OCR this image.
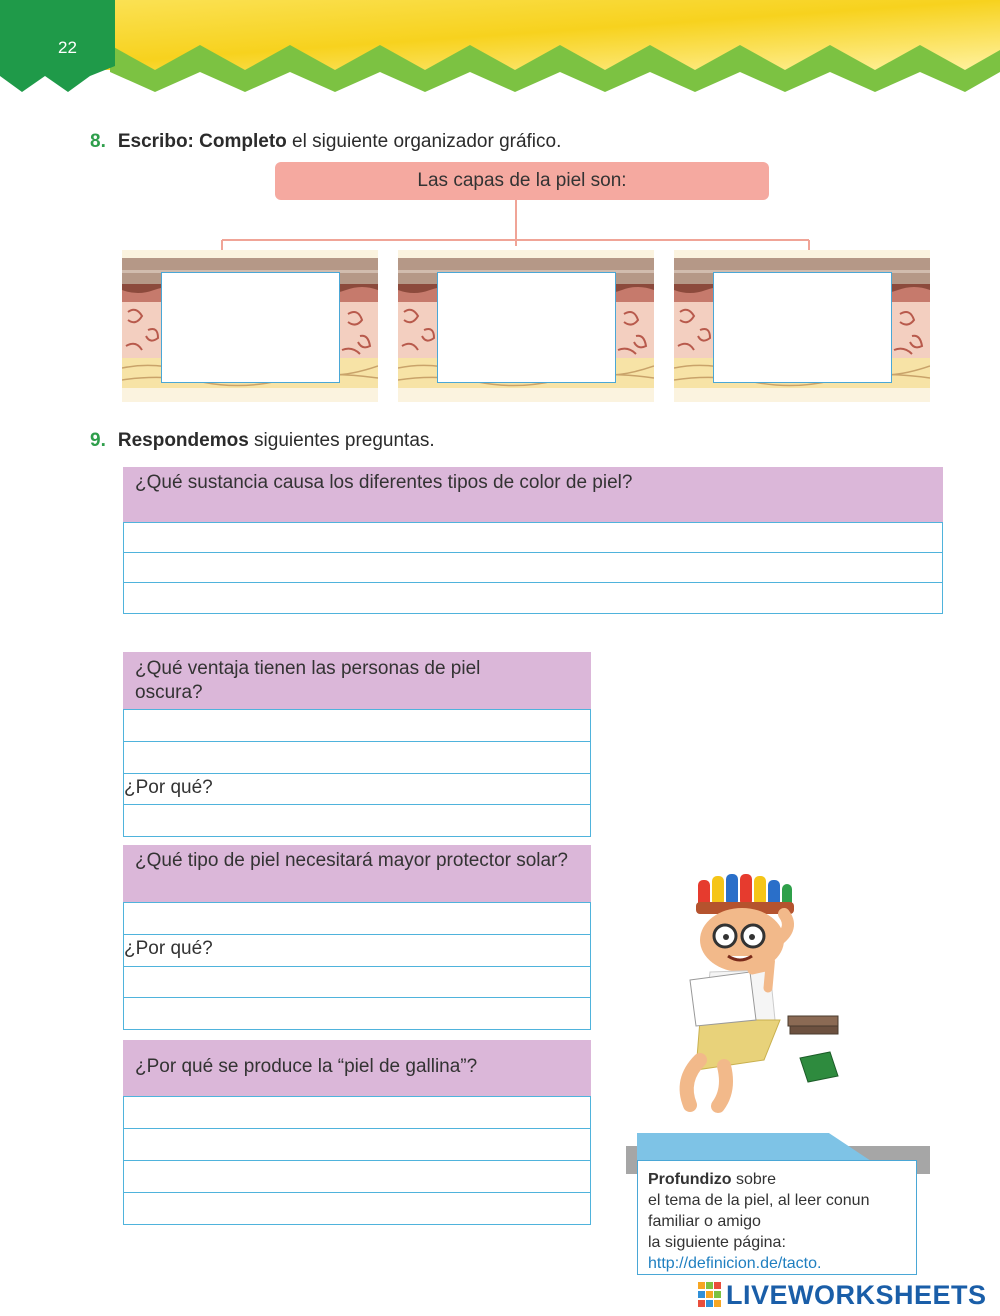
22
8. Escribo: Completo el siguiente organizador gráfico.
Las capas de la piel son:
9. Respondemos siguientes preguntas.
¿Qué sustancia causa los diferentes tipos de color de piel?
¿Qué ventaja tienen las personas de piel
oscura?
¿Por qué?
¿Qué tipo de piel necesitará mayor protector solar?
¿Por qué?
¿Por qué se produce la “piel de gallina”?
Profundizo sobre
el tema de la piel, al leer conun
familiar o amigo
la siguiente página:
http://definicion.de/tacto.
LIVEWORKSHEETS
